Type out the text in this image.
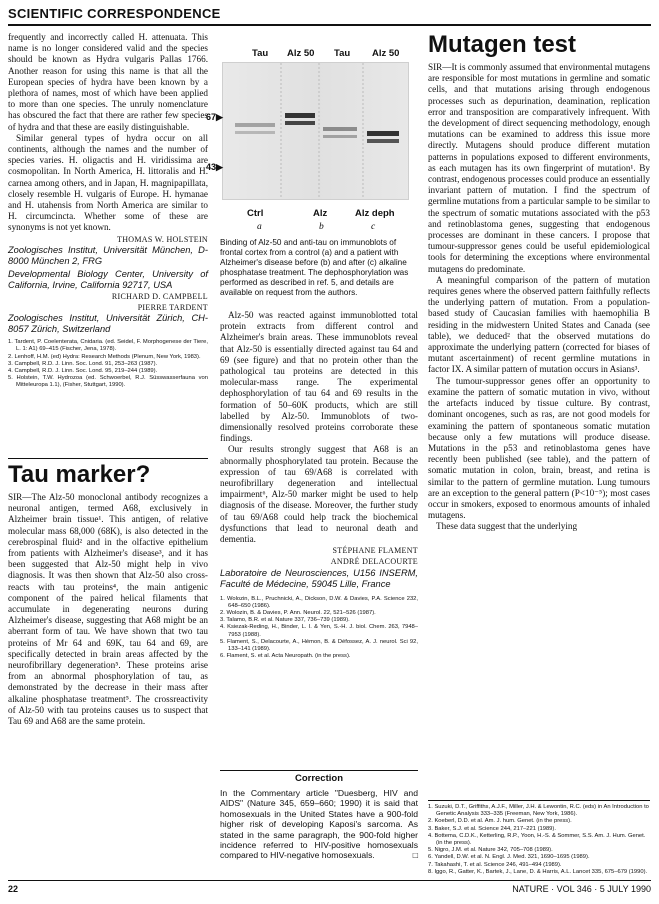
SCIENTIFIC CORRESPONDENCE

frequently and incorrectly called H. attenuata. This name is no longer considered valid and the species should be known as Hydra vulgaris Pallas 1766. Another reason for using this name is that all the European species of hydra have been known by a plethora of names, most of which have been applied to more than one species. The unruly nomenclature has obscured the fact that there are rather few species of hydra and that these are easily distinguishable.

Similar general types of hydra occur on all continents, although the names and the number of species varies. H. oligactis and H. viridissima are cosmopolitan. In North America, H. littoralis and H. carnea among others, and in Japan, H. magnipapillata, closely resemble H. vulgaris of Europe. H. hymanae and H. utahensis from North America are similar to H. circumcincta. Whether some of these are synonyms is not yet known.

THOMAS W. HOLSTEIN
Zoologisches Institut, Universität München, D-8000 München 2, FRG
Developmental Biology Center, University of California, Irvine, California 92717, USA
RICHARD D. CAMPBELL
PIERRE TARDENT
Zoologisches Institut, Universität Zürich, CH-8057 Zürich, Switzerland
1. Tardent, P. Coelenterata, Cnidaria. (ed. Seidel, F. Morphogenese der Tiere, L. 1: A1) 69–415 (Fischer, Jena, 1978).
2. Lenhoff, H.M. (ed) Hydra: Research Methods (Plenum, New York, 1983).
3. Campbell, R.D. J. Linn. Soc. Lond. 91, 253–263 (1987).
4. Campbell, R.D. J. Linn. Soc. Lond. 95, 219–244 (1989).
5. Holstein, T.W. Hydrozoa (ed. Schwoerbel, R.J. Süsswasserfauna von Mitteleuropa 1.1), (Fisher, Stuttgart, 1990).
Tau marker?

SIR—The Alz-50 monoclonal antibody recognizes a neuronal antigen, termed A68, exclusively in Alzheimer brain tissue¹. This antigen, of relative molecular mass 68,000 (68K), is also detected in the cerebrospinal fluid² and in the olfactive epithelium from patients with Alzheimer's disease³, and it has been suggested that Alz-50 might help in vivo diagnosis. It was then shown that Alz-50 also cross-reacts with tau proteins⁴, the main antigenic component of the paired helical filaments that accumulate in degenerating neurons during Alzheimer's disease, suggesting that A68 might be an aberrant form of tau. We have shown that two tau proteins of Mr 64 and 69K, tau 64 and 69, are specifically detected in brain areas affected by the neurofibrillary degeneration⁵. These proteins arise from an abnormal phosphorylation of tau, as demonstrated by the decrease in their mass after alkaline phosphatase treatment⁵. The crossreactivity of Alz-50 with tau proteins causes us to suspect that Tau 69 and A68 are the same protein.

Tau Alz 50 Tau Alz 50
67▶
43▶
Ctrl	Alz	Alz deph
a	b	c
Binding of Alz-50 and anti-tau on immunoblots of frontal cortex from a control (a) and a patient with Alzheimer's disease before (b) and after (c) alkaline phosphatase treatment. The dephosphorylation was performed as described in ref. 5, and details are available on request from the authors.

Alz-50 was reacted against immunoblotted total protein extracts from different control and Alzheimer's brain areas. These immunoblots reveal that Alz-50 is essentially directed against tau 64 and 69 (see figure) and that no protein other than the pathological tau proteins are detected in this molecular-mass range. The experimental dephosphorylation of tau 64 and 69 results in the formation of 50–60K products, which are still labelled by Alz-50. Immunoblots of two-dimensionally resolved proteins corroborate these findings.

Our results strongly suggest that A68 is an abnormally phosphorylated tau protein. Because the expression of tau 69/A68 is correlated with neurofibrillary degeneration and intellectual impairment⁶, Alz-50 marker might be used to help diagnosis of the disease. Moreover, the further study of tau 69/A68 could help track the biochemical dysfunctions that lead to neuronal death and dementia.

STÉPHANE FLAMENT
ANDRÉ DELACOURTE
Laboratoire de Neurosciences, U156 INSERM, Faculté de Médecine, 59045 Lille, France
1. Wolozin, B.L., Pruchnicki, A., Dickson, D.W. & Davies, P.A. Science 232, 648–650 (1986).
2. Wolozin, B. & Davies, P. Ann. Neurol. 22, 521–526 (1987).
3. Talamo, B.R. et al. Nature 337, 736–739 (1989).
4. Ksiezak-Reding, H., Binder, L. I. & Yen, S.-H. J. biol. Chem. 263, 7948–7953 (1988).
5. Flament, S., Delacourte, A., Hémon, B. & Défossez, A. J. neurol. Sci 92, 133–141 (1989).
6. Flament, S. et al. Acta Neuropath. (in the press).
Correction
In the Commentary article "Duesberg, HIV and AIDS" (Nature 345, 659–660; 1990) it is said that homosexuals in the United States have a 900-fold higher risk of developing Kaposi's sarcoma. As stated in the same paragraph, the 900-fold higher incidence referred to HIV-positive homosexuals compared to HIV-negative homosexuals.	□
Mutagen test

SIR—It is commonly assumed that environmental mutagens are responsible for most mutations in germline and somatic cells, and that mutations arising through endogenous processes such as depurination, deamination, replication error and transposition are comparatively infrequent. With the development of direct sequencing methodology, enough mutations can be examined to address this issue more directly. Mutagens should produce different mutation patterns in populations exposed to different environments, as each mutagen has its own fingerprint of mutation¹. By contrast, endogenous processes could produce an essentially invariant pattern of mutation. I find the spectrum of germline mutations from a particular sample to be similar to the spectrum of somatic mutations associated with the p53 and retinoblastoma genes, suggesting that endogenous processes are dominant in these cancers. I propose that tumour-suppressor genes could be useful epidemiological tools for determining the exceptions where environmental mutagens do predominate.

A meaningful comparison of the pattern of mutation requires genes where the observed pattern faithfully reflects the underlying pattern of mutation. From a population-based study of Caucasian families with haemophilia B residing in the midwestern United States and Canada (see table), we deduced² that the observed mutations do approximate the underlying pattern (corrected for biases of mutant ascertainment) of recent germline mutations in factor IX. A similar pattern of mutation occurs in Asians³.

The tumour-suppressor genes offer an opportunity to examine the pattern of somatic mutation in vivo, without the artefacts induced by tissue culture. By contrast, dominant oncogenes, such as ras, are not good models for examining the pattern of spontaneous somatic mutation because only a few mutations will produce disease. Mutations in the p53 and retinoblastoma genes have recently been published (see table), and the pattern of somatic mutation in colon, brain, breast, and retina is similar to the pattern of germline mutation. Lung tumours are an exception to the general pattern (P<10⁻⁵); most cases occur in smokers, exposed to enormous amounts of inhaled mutagens.

These data suggest that the underlying

1. Suzuki, D.T., Griffiths, A.J.F., Miller, J.H. & Lewontin, R.C. (eds) in An Introduction to Genetic Analysis 333–335 (Freeman, New York, 1986).
2. Koeberl, D.D. et al. Am. J. hum. Genet. (in the press).
3. Baker, S.J. et al. Science 244, 217–221 (1989).
4. Bottema, C.D.K., Ketterling, R.P., Yoon, H.-S. & Sommer, S.S. Am. J. Hum. Genet. (in the press).
5. Nigro, J.M. et al. Nature 342, 705–708 (1989).
6. Yandell, D.W. et al. N. Engl. J. Med. 321, 1690–1695 (1989).
7. Takahashi, T. et al. Science 246, 491–494 (1989).
8. Iggo, R., Gatter, K., Bartek, J., Lane, D. & Harris, A.L. Lancet 335, 675–679 (1990).
22	NATURE · VOL 346 · 5 JULY 1990
